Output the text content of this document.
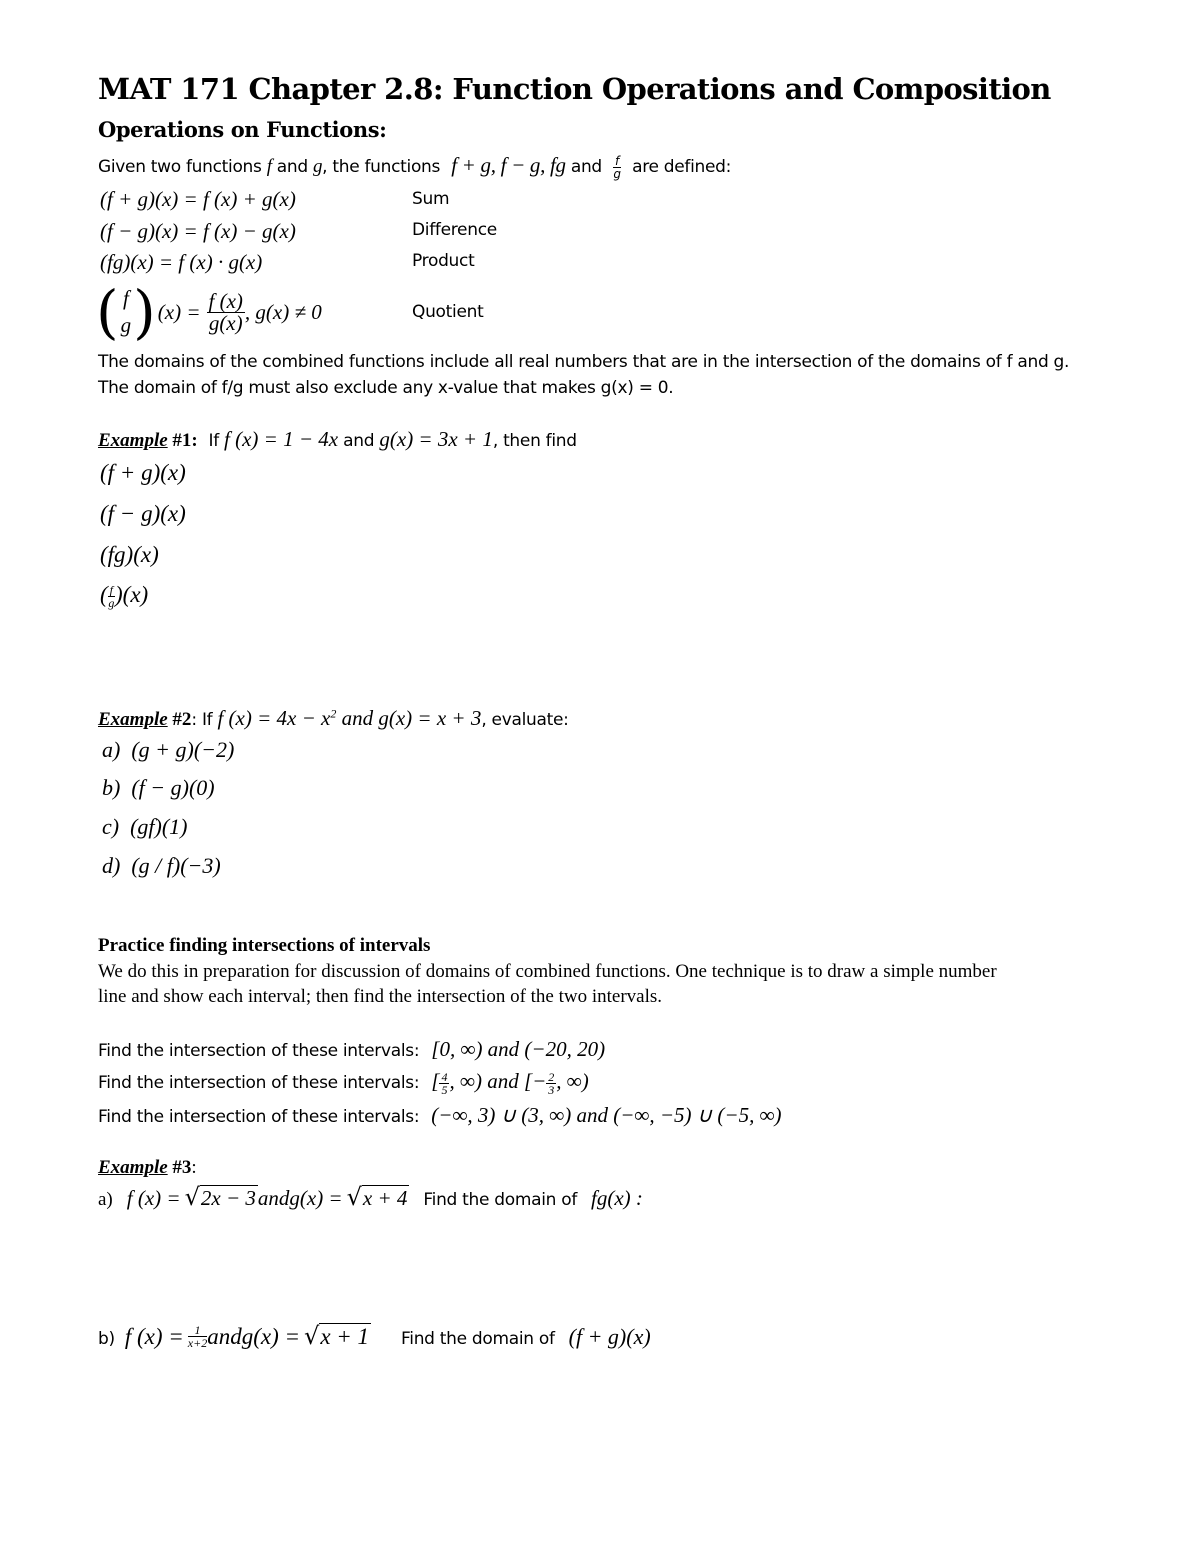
MAT 171 Chapter 2.8: Function Operations and Composition
Operations on Functions:
Given two functions f and g, the functions f + g, f − g, fg and $\frac{f}{g}$ are defined:
(f + g)(x) = f (x) + g(x)	Sum
(f − g)(x) = f (x) − g(x)	Difference
(fg)(x) = f (x) · g(x)	Product
( f
g ) $(x) = \frac{f (x)}{g(x)}$ , g(x) ≠ 0	Quotient
The domains of the combined functions include all real numbers that are in the intersection of the domains of f and g.
The domain of f/g must also exclude any x-value that makes g(x) = 0.
Example #1: If f (x) = 1 − 4x and g(x) = 3x + 1, then find
(f + g)(x)
(f − g)(x)
(fg)(x)
( $\frac{f}{g} )(x)$
Example #2: If f $(x) = 4x - x^2$ and g(x) = x + 3, evaluate:
a) (g + g)(−2)
b) (f − g)(0)
c) (gf)(1)
d) (g / f)(−3)
Practice finding intersections of intervals
We do this in preparation for discussion of domains of combined functions. One technique is to draw a simple number
line and show each interval; then find the intersection of the two intervals.
Find the intersection of these intervals: [0, ∞) and (−20, 20)
Find the intersection of these intervals: [ $\frac{4}{5}$ , ∞) and [− $\frac{2}{3}$ , ∞)
Find the intersection of these intervals: (−∞, 3) ∪ (3, ∞) and (−∞, −5) ∪ (−5, ∞)
Example #3:
a) f (x) = √ 2x − 3 and g(x) = √ x + 4 Find the domain of fg(x) :
b) f $(x) = \frac{1}{x+2}$ and g(x) = √ x + 1 Find the domain of (f + g)(x)
